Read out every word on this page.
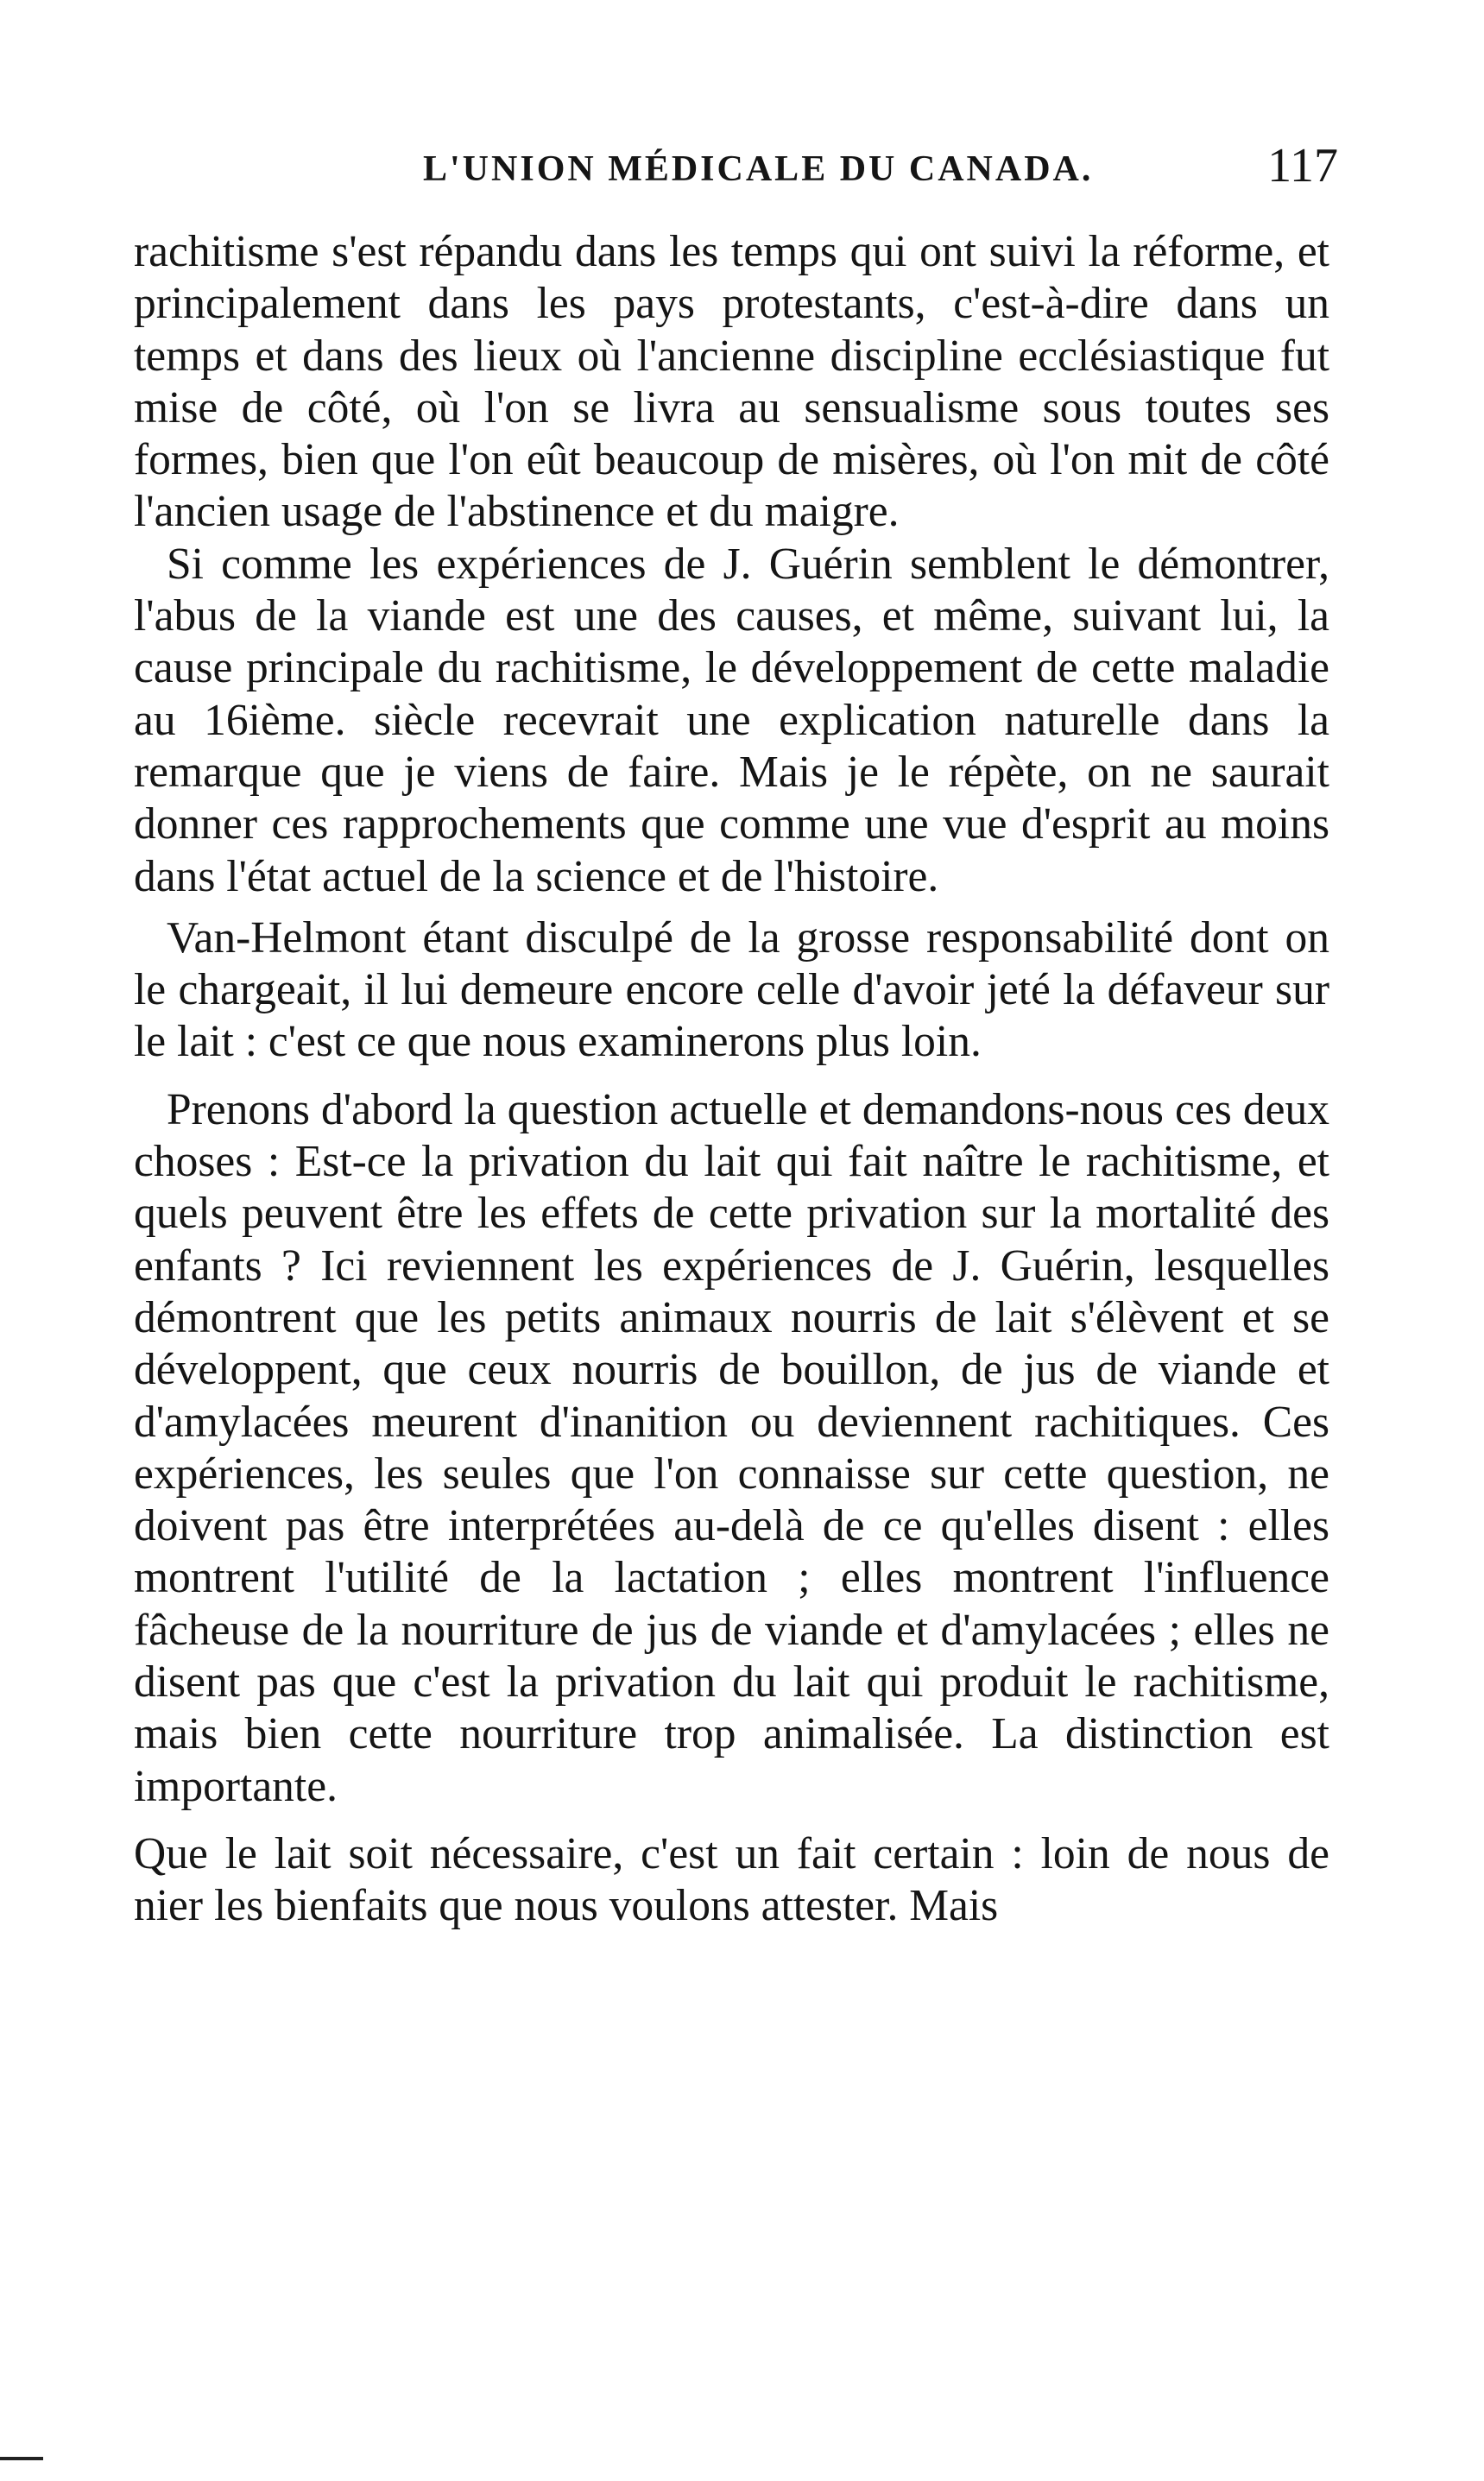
L'UNION MÉDICALE DU CANADA.	117

rachitisme s'est répandu dans les temps qui ont suivi la réforme, et principalement dans les pays protestants, c'est-à-dire dans un temps et dans des lieux où l'ancienne discipline ecclésiastique fut mise de côté, où l'on se livra au sensualisme sous toutes ses formes, bien que l'on eût beaucoup de misères, où l'on mit de côté l'ancien usage de l'abstinence et du maigre.

Si comme les expériences de J. Guérin semblent le démontrer, l'abus de la viande est une des causes, et même, suivant lui, la cause principale du rachitisme, le développement de cette maladie au 16ième. siècle recevrait une explication naturelle dans la remarque que je viens de faire. Mais je le répète, on ne saurait donner ces rapprochements que comme une vue d'esprit au moins dans l'état actuel de la science et de l'histoire.

Van-Helmont étant disculpé de la grosse responsabilité dont on le chargeait, il lui demeure encore celle d'avoir jeté la défaveur sur le lait : c'est ce que nous examinerons plus loin.

Prenons d'abord la question actuelle et demandons-nous ces deux choses : Est-ce la privation du lait qui fait naître le rachitisme, et quels peuvent être les effets de cette privation sur la mortalité des enfants ? Ici reviennent les expériences de J. Guérin, lesquelles démontrent que les petits animaux nourris de lait s'élèvent et se développent, que ceux nourris de bouillon, de jus de viande et d'amylacées meurent d'inanition ou deviennent rachitiques. Ces expériences, les seules que l'on connaisse sur cette question, ne doivent pas être interprétées au-delà de ce qu'elles disent : elles montrent l'utilité de la lactation ; elles montrent l'influence fâcheuse de la nourriture de jus de viande et d'amylacées ; elles ne disent pas que c'est la privation du lait qui produit le rachitisme, mais bien cette nourriture trop animalisée. La distinction est importante.

Que le lait soit nécessaire, c'est un fait certain : loin de nous de nier les bienfaits que nous voulons attester. Mais
